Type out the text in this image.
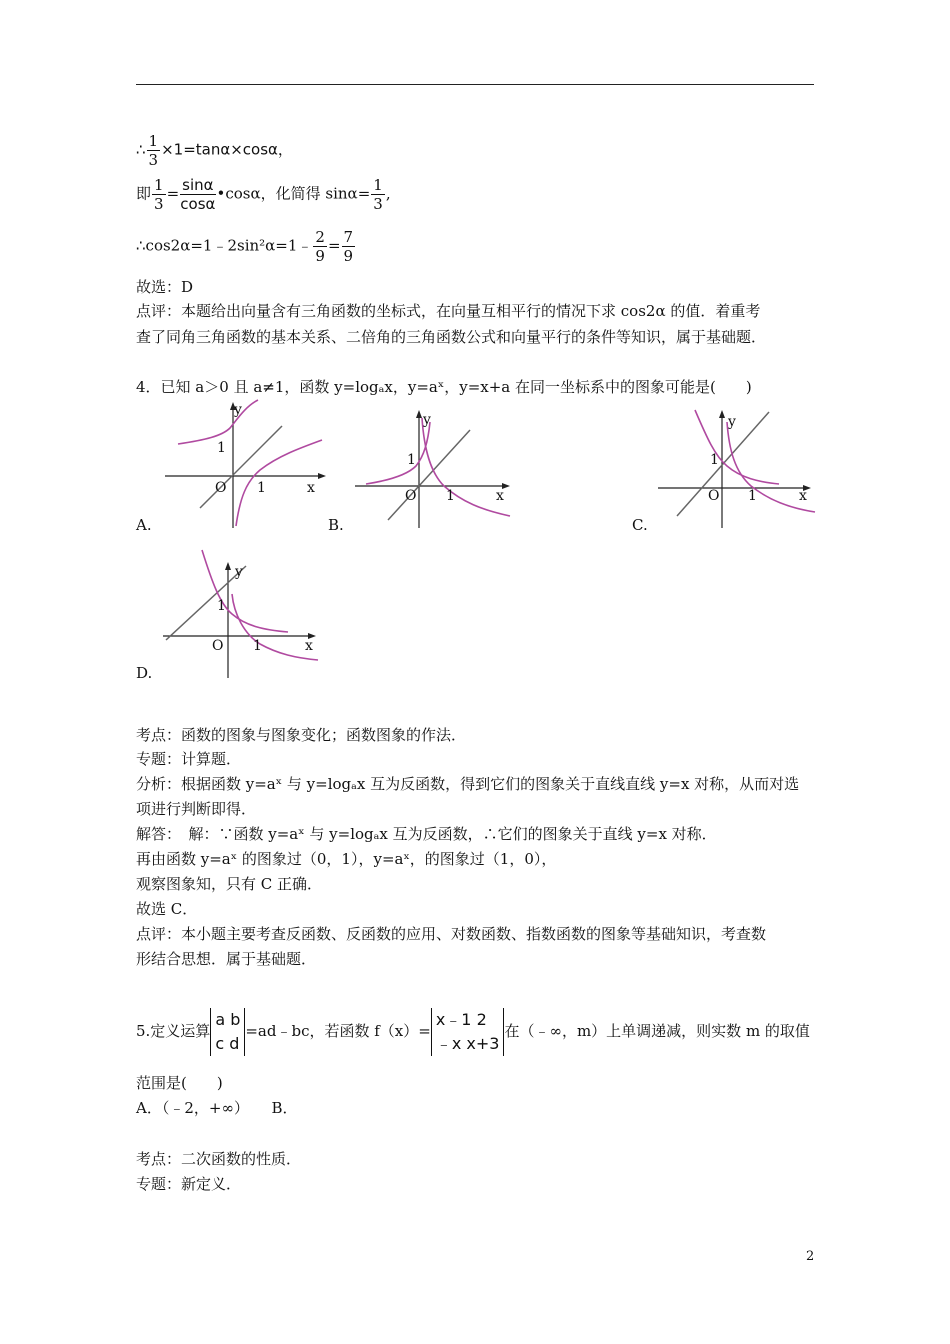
∴ $\frac{1}{3} \times 1=\tan\alpha\times\cos\alpha$，
即 $\frac{1}{3} = \frac{\sin\alpha}{\cos\alpha}$ •cosα，化简得 $\sin\alpha= \frac{1}{3}$ ,
∴cos2α=1﹣2sin²α=1﹣ $\frac{2}{9} = \frac{7}{9}$
故选：D
点评：本题给出向量含有三角函数的坐标式，在向量互相平行的情况下求 cos2α 的值．着重考
查了同角三角函数的基本关系、二倍角的三角函数公式和向量平行的条件等知识，属于基础题．
4．已知 a＞0 且 a≠1，函数 y=logₐx，y=aˣ，y=x+a 在同一坐标系中的图象可能是(　　)
y
x
1
O 1
A.
y
x
1
O 1
B.
y
x
1
O 1
C.
y
x
1
O 1
D.
考点：函数的图象与图象变化；函数图象的作法．
专题：计算题．
分析：根据函数 y=aˣ 与 y=logₐx 互为反函数，得到它们的图象关于直线直线 y=x 对称，从而对选
项进行判断即得．
解答：　解：∵函数 y=aˣ 与 y=logₐx 互为反函数，∴它们的图象关于直线 y=x 对称．
再由函数 y=aˣ 的图象过（0，1），y=aˣ，的图象过（1，0），
观察图象知，只有 C 正确．
故选 C．
点评：本小题主要考查反函数、反函数的应用、对数函数、指数函数的图象等基础知识，考查数
形结合思想．属于基础题．
5.定义运算
a b
c d
=ad﹣bc，若函数 f（x）=
x﹣1 2
﹣x x+3
在（﹣∞，m）上单调递减，则实数 m 的取值
范围是(　　)
A．（﹣2，+∞）　　B．
考点：二次函数的性质．
专题：新定义．
2
